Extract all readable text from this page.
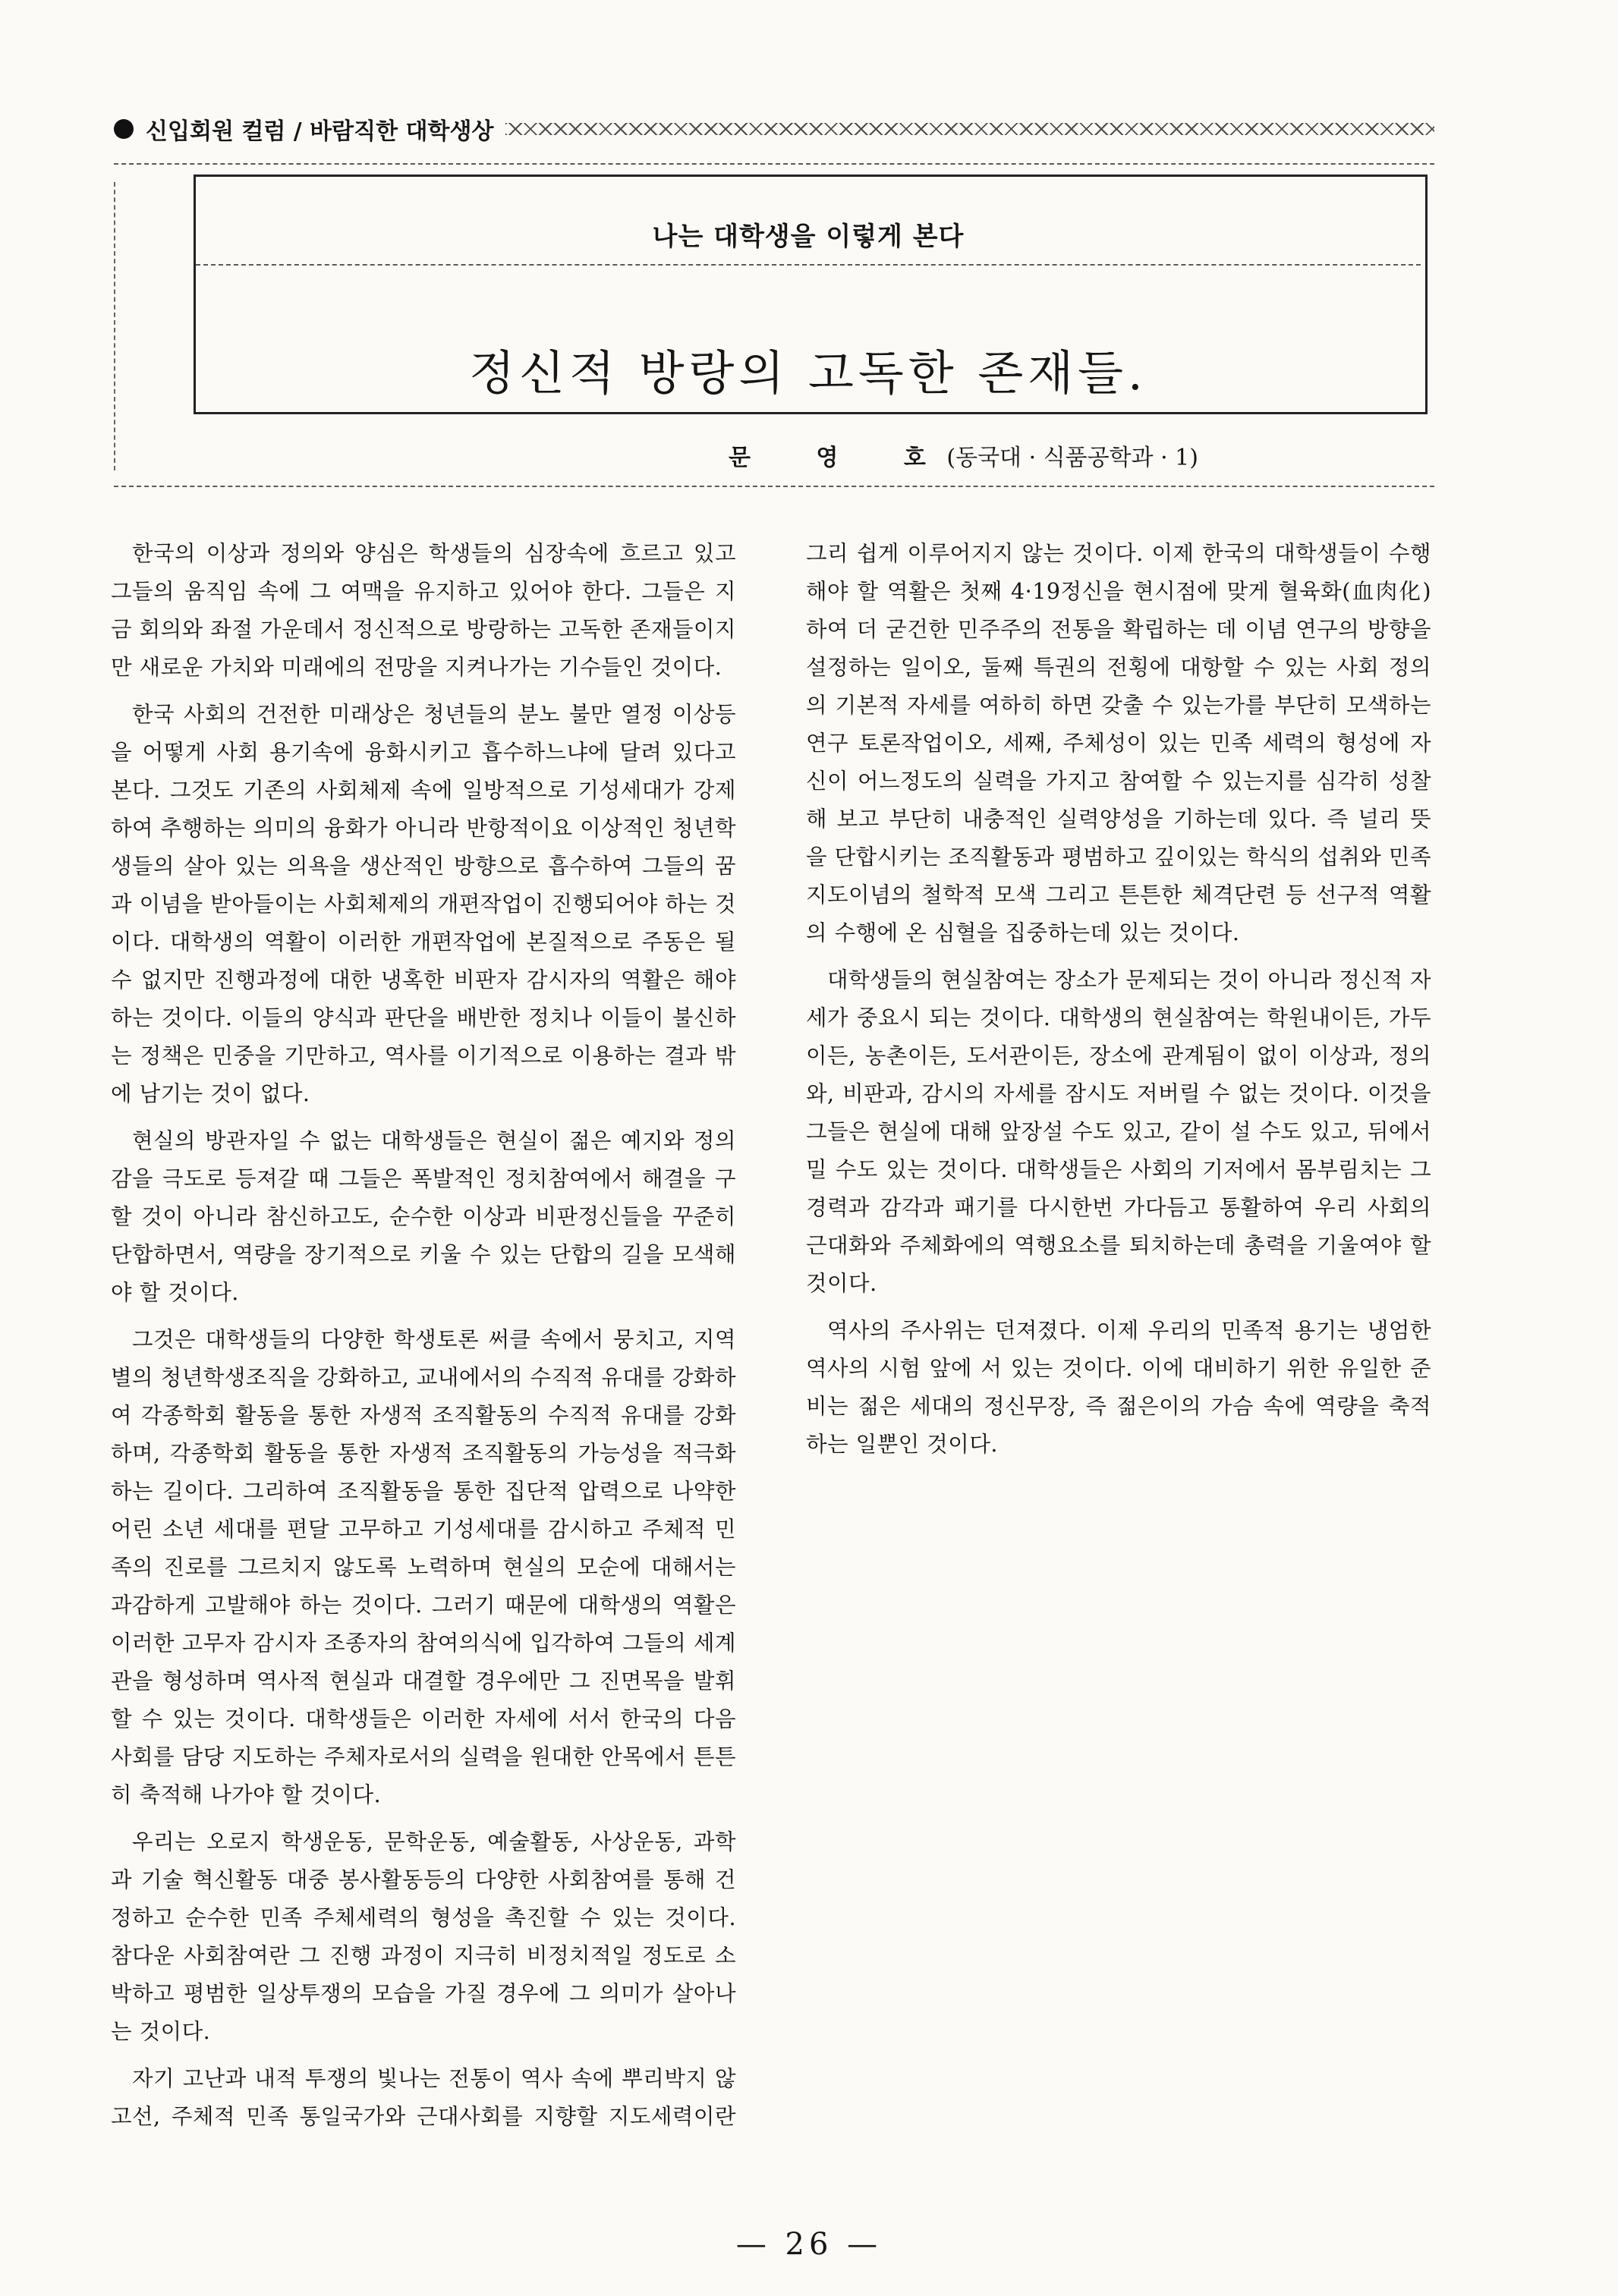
신입회원 컬럼 / 바람직한 대학생상
나는 대학생을 이렇게 본다
정신적 방랑의 고독한 존재들.
문 영 호 (동국대 · 식품공학과 · 1)

한국의 이상과 정의와 양심은 학생들의 심장속에 흐르고 있고 그들의 움직임 속에 그 여맥을 유지하고 있어야 한다. 그들은 지금 회의와 좌절 가운데서 정신적으로 방랑하는 고독한 존재들이지만 새로운 가치와 미래에의 전망을 지켜나가는 기수들인 것이다.

한국 사회의 건전한 미래상은 청년들의 분노 불만 열정 이상등을 어떻게 사회 용기속에 융화시키고 흡수하느냐에 달려 있다고 본다. 그것도 기존의 사회체제 속에 일방적으로 기성세대가 강제하여 추행하는 의미의 융화가 아니라 반항적이요 이상적인 청년학생들의 살아 있는 의욕을 생산적인 방향으로 흡수하여 그들의 꿈과 이념을 받아들이는 사회체제의 개편작업이 진행되어야 하는 것이다. 대학생의 역활이 이러한 개편작업에 본질적으로 주동은 될 수 없지만 진행과정에 대한 냉혹한 비판자 감시자의 역활은 해야 하는 것이다. 이들의 양식과 판단을 배반한 정치나 이들이 불신하는 정책은 민중을 기만하고, 역사를 이기적으로 이용하는 결과 밖에 남기는 것이 없다.

현실의 방관자일 수 없는 대학생들은 현실이 젊은 예지와 정의감을 극도로 등져갈 때 그들은 폭발적인 정치참여에서 해결을 구할 것이 아니라 참신하고도, 순수한 이상과 비판정신들을 꾸준히 단합하면서, 역량을 장기적으로 키울 수 있는 단합의 길을 모색해야 할 것이다.

그것은 대학생들의 다양한 학생토론 써클 속에서 뭉치고, 지역별의 청년학생조직을 강화하고, 교내에서의 수직적 유대를 강화하여 각종학회 활동을 통한 자생적 조직활동의 수직적 유대를 강화하며, 각종학회 활동을 통한 자생적 조직활동의 가능성을 적극화하는 길이다. 그리하여 조직활동을 통한 집단적 압력으로 나약한 어린 소년 세대를 편달 고무하고 기성세대를 감시하고 주체적 민족의 진로를 그르치지 않도록 노력하며 현실의 모순에 대해서는 과감하게 고발해야 하는 것이다. 그러기 때문에 대학생의 역활은 이러한 고무자 감시자 조종자의 참여의식에 입각하여 그들의 세계관을 형성하며 역사적 현실과 대결할 경우에만 그 진면목을 발휘할 수 있는 것이다. 대학생들은 이러한 자세에 서서 한국의 다음 사회를 담당 지도하는 주체자로서의 실력을 원대한 안목에서 튼튼히 축적해 나가야 할 것이다.

우리는 오로지 학생운동, 문학운동, 예술활동, 사상운동, 과학과 기술 혁신활동 대중 봉사활동등의 다양한 사회참여를 통해 건정하고 순수한 민족 주체세력의 형성을 촉진할 수 있는 것이다. 참다운 사회참여란 그 진행 과정이 지극히 비정치적일 정도로 소박하고 평범한 일상투쟁의 모습을 가질 경우에 그 의미가 살아나는 것이다.

자기 고난과 내적 투쟁의 빛나는 전통이 역사 속에 뿌리박지 않고선, 주체적 민족 통일국가와 근대사회를 지향할 지도세력이란 그리 쉽게 이루어지지 않는 것이다. 이제 한국의 대학생들이 수행해야 할 역활은 첫째 4·19정신을 현시점에 맞게 혈육화(血肉化) 하여 더 굳건한 민주주의 전통을 확립하는 데 이념 연구의 방향을 설정하는 일이오, 둘째 특권의 전횡에 대항할 수 있는 사회 정의의 기본적 자세를 여하히 하면 갖출 수 있는가를 부단히 모색하는 연구 토론작업이오, 세째, 주체성이 있는 민족 세력의 형성에 자신이 어느정도의 실력을 가지고 참여할 수 있는지를 심각히 성찰해 보고 부단히 내충적인 실력양성을 기하는데 있다. 즉 널리 뜻을 단합시키는 조직활동과 평범하고 깊이있는 학식의 섭취와 민족 지도이념의 철학적 모색 그리고 튼튼한 체격단련 등 선구적 역활의 수행에 온 심혈을 집중하는데 있는 것이다.

대학생들의 현실참여는 장소가 문제되는 것이 아니라 정신적 자세가 중요시 되는 것이다. 대학생의 현실참여는 학원내이든, 가두이든, 농촌이든, 도서관이든, 장소에 관계됨이 없이 이상과, 정의와, 비판과, 감시의 자세를 잠시도 저버릴 수 없는 것이다. 이것을 그들은 현실에 대해 앞장설 수도 있고, 같이 설 수도 있고, 뒤에서 밀 수도 있는 것이다. 대학생들은 사회의 기저에서 몸부림치는 그 경력과 감각과 패기를 다시한번 가다듬고 통활하여 우리 사회의 근대화와 주체화에의 역행요소를 퇴치하는데 총력을 기울여야 할것이다.

역사의 주사위는 던져졌다. 이제 우리의 민족적 용기는 냉엄한 역사의 시험 앞에 서 있는 것이다. 이에 대비하기 위한 유일한 준비는 젊은 세대의 정신무장, 즉 젊은이의 가슴 속에 역량을 축적하는 일뿐인 것이다.

— 26 —
